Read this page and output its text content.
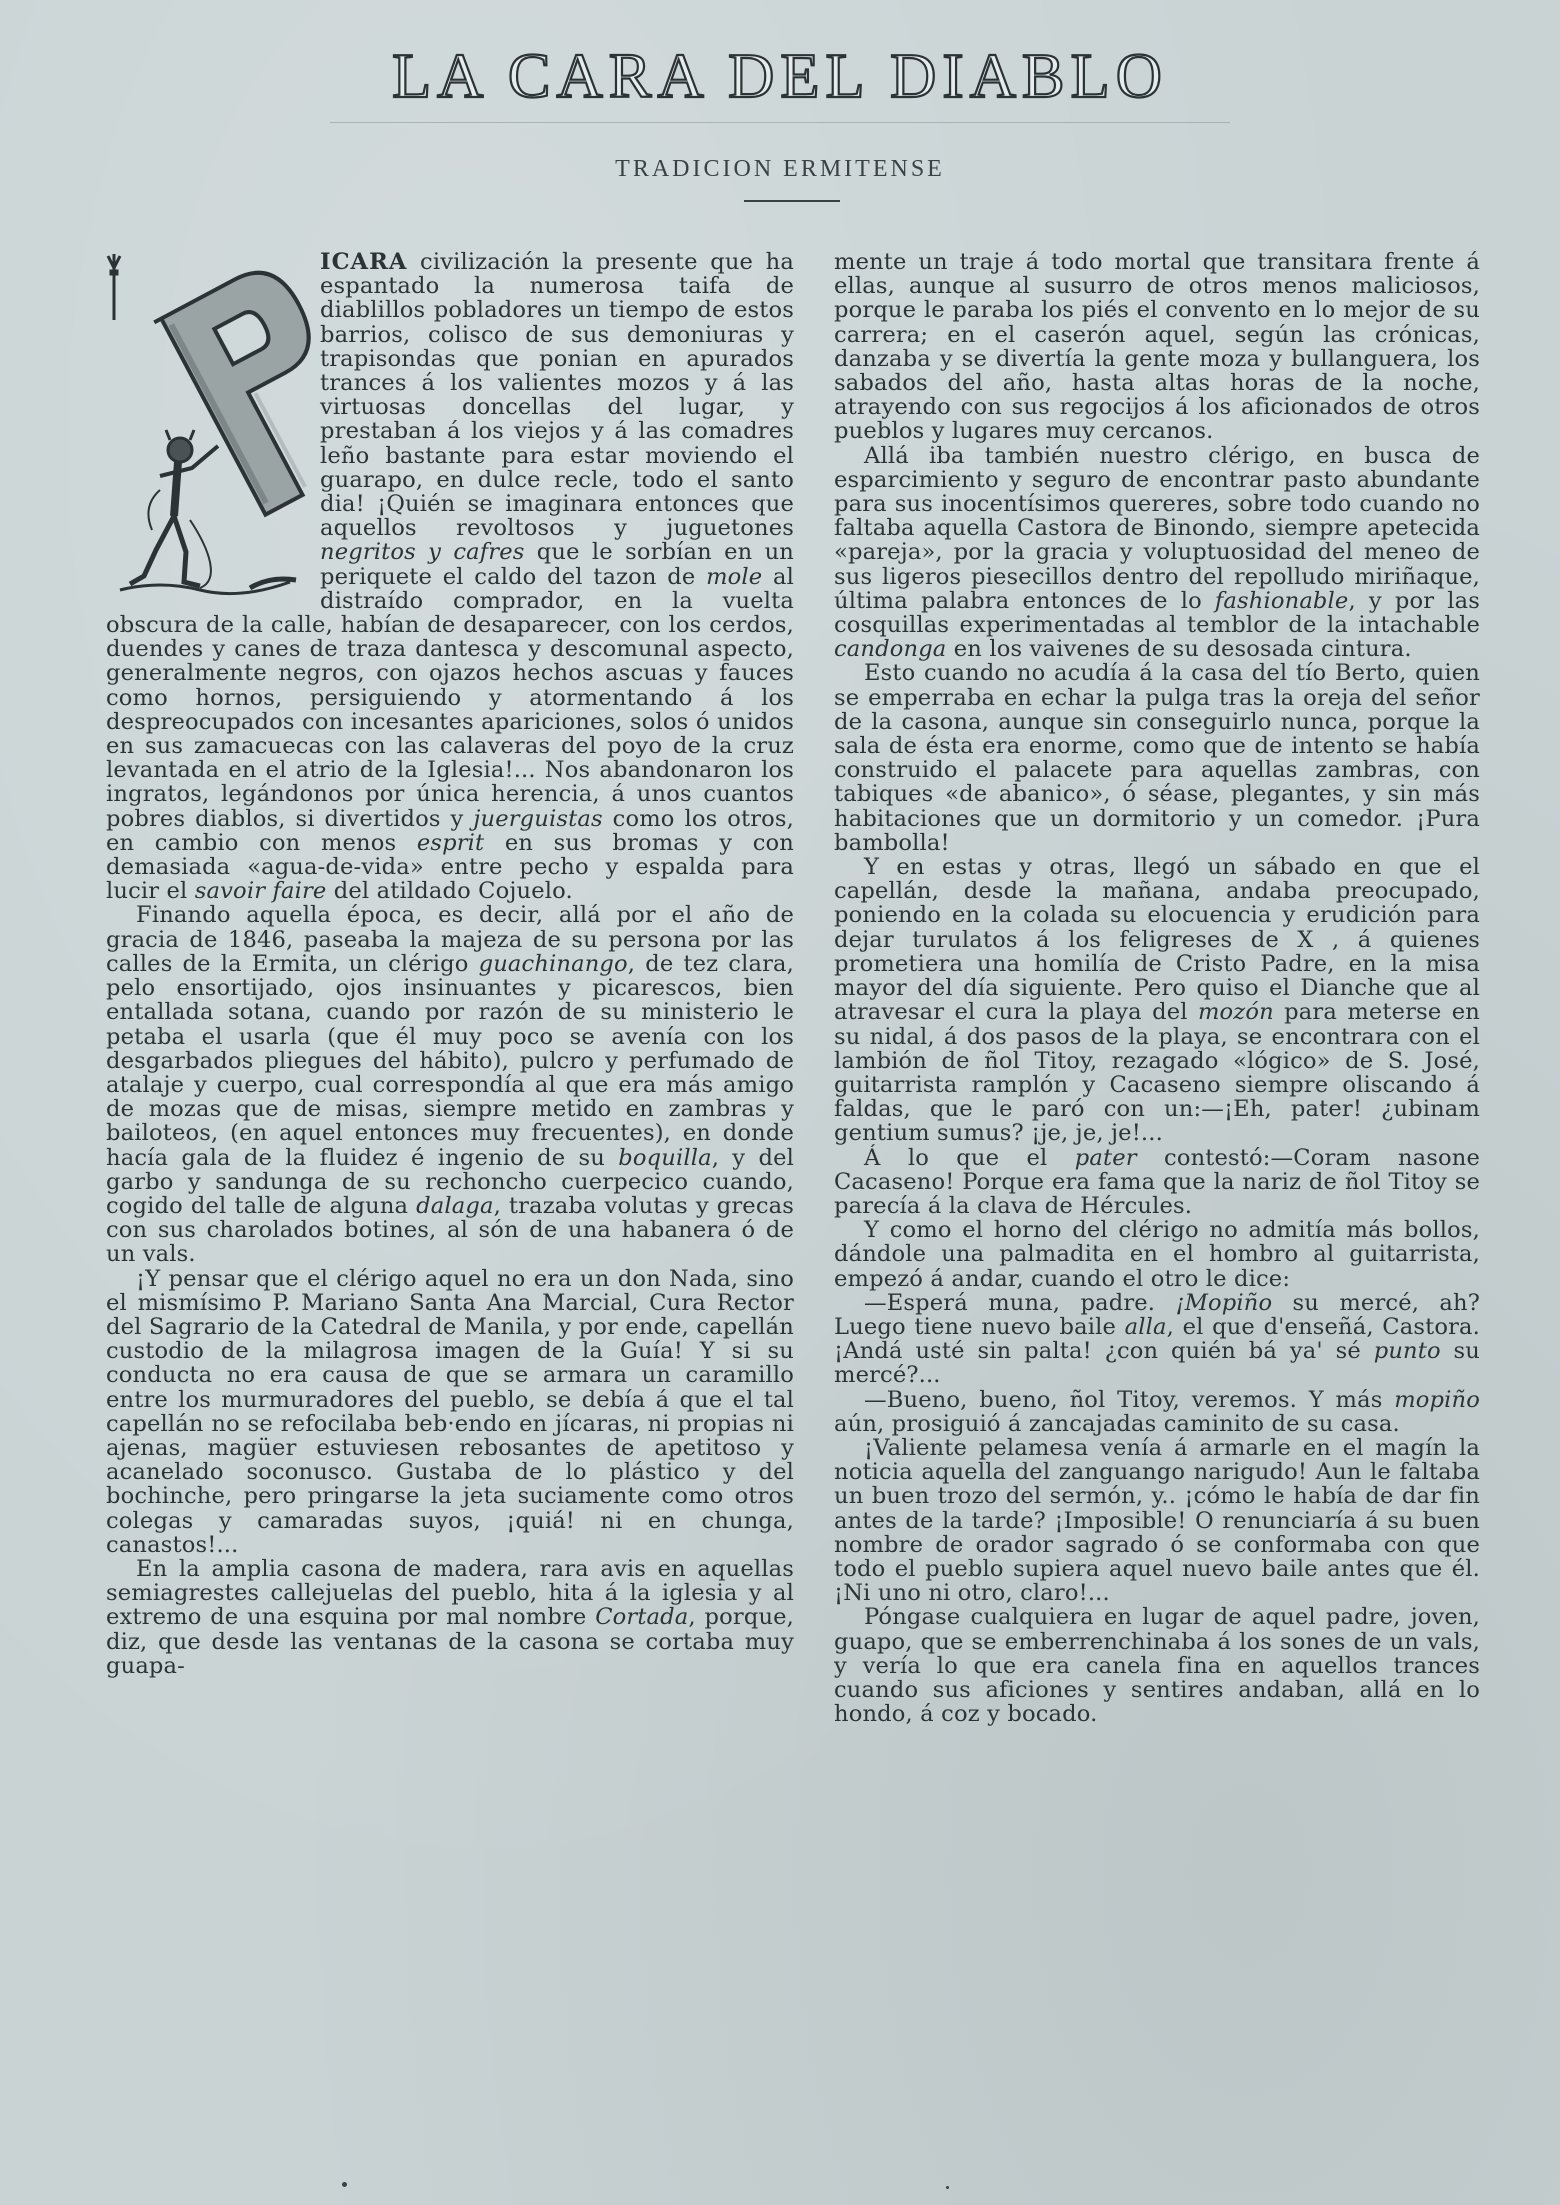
LA CARA DEL DIABLO
TRADICION ERMITENSE

ICARA civilización la presente que ha espantado la numerosa taifa de diablillos pobladores un tiempo de estos barrios, colisco de sus demoniuras y trapisondas que ponian en apurados trances á los valientes mozos y á las virtuosas doncellas del lugar, y prestaban á los viejos y á las comadres leño bastante para estar moviendo el guarapo, en dulce recle, todo el santo dia! ¡Quién se imaginara entonces que aquellos revoltosos y juguetones negritos y cafres que le sorbían en un periquete el caldo del tazon de mole al distraído comprador, en la vuelta obscura de la calle, habían de desaparecer, con los cerdos, duendes y canes de traza dantesca y descomunal aspecto, generalmente negros, con ojazos hechos ascuas y fauces como hornos, persiguiendo y atormentando á los despreocupados con incesantes apariciones, solos ó unidos en sus zamacuecas con las calaveras del poyo de la cruz levantada en el atrio de la Iglesia!... Nos abandonaron los ingratos, legándonos por única herencia, á unos cuantos pobres diablos, si divertidos y juerguistas como los otros, en cambio con menos esprit en sus bromas y con demasiada «agua-de-vida» entre pecho y espalda para lucir el savoir faire del atildado Cojuelo.

Finando aquella época, es decir, allá por el año de gracia de 1846, paseaba la majeza de su persona por las calles de la Ermita, un clérigo guachinango, de tez clara, pelo ensortijado, ojos insinuantes y picarescos, bien entallada sotana, cuando por razón de su ministerio le petaba el usarla (que él muy poco se avenía con los desgarbados pliegues del hábito), pulcro y perfumado de atalaje y cuerpo, cual correspondía al que era más amigo de mozas que de misas, siempre metido en zambras y bailoteos, (en aquel entonces muy frecuentes), en donde hacía gala de la fluidez é ingenio de su boquilla, y del garbo y sandunga de su rechoncho cuerpecico cuando, cogido del talle de alguna dalaga, trazaba volutas y grecas con sus charolados botines, al són de una habanera ó de un vals.

¡Y pensar que el clérigo aquel no era un don Nada, sino el mismísimo P. Mariano Santa Ana Marcial, Cura Rector del Sagrario de la Catedral de Manila, y por ende, capellán custodio de la milagrosa imagen de la Guía! Y si su conducta no era causa de que se armara un caramillo entre los murmuradores del pueblo, se debía á que el tal capellán no se refocilaba beb·endo en jícaras, ni propias ni ajenas, magüer estuviesen rebosantes de apetitoso y acanelado soconusco. Gustaba de lo plástico y del bochinche, pero pringarse la jeta suciamente como otros colegas y camaradas suyos, ¡quiá! ni en chunga, canastos!...

En la amplia casona de madera, rara avis en aquellas semiagrestes callejuelas del pueblo, hita á la iglesia y al extremo de una esquina por mal nombre Cortada, porque, diz, que desde las ventanas de la casona se cortaba muy guapa-

mente un traje á todo mortal que transitara frente á ellas, aunque al susurro de otros menos maliciosos, porque le paraba los piés el convento en lo mejor de su carrera; en el caserón aquel, según las crónicas, danzaba y se divertía la gente moza y bullanguera, los sabados del año, hasta altas horas de la noche, atrayendo con sus regocijos á los aficionados de otros pueblos y lugares muy cercanos.

Allá iba también nuestro clérigo, en busca de esparcimiento y seguro de encontrar pasto abundante para sus inocentísimos quereres, sobre todo cuando no faltaba aquella Castora de Binondo, siempre apetecida «pareja», por la gracia y voluptuosidad del meneo de sus ligeros piesecillos dentro del repolludo miriñaque, última palabra entonces de lo fashionable, y por las cosquillas experimentadas al temblor de la intachable candonga en los vaivenes de su desosada cintura.

Esto cuando no acudía á la casa del tío Berto, quien se emperraba en echar la pulga tras la oreja del señor de la casona, aunque sin conseguirlo nunca, porque la sala de ésta era enorme, como que de intento se había construido el palacete para aquellas zambras, con tabiques «de abanico», ó séase, plegantes, y sin más habitaciones que un dormitorio y un comedor. ¡Pura bambolla!

Y en estas y otras, llegó un sábado en que el capellán, desde la mañana, andaba preocupado, poniendo en la colada su elocuencia y erudición para dejar turulatos á los feligreses de X , á quienes prometiera una homilía de Cristo Padre, en la misa mayor del día siguiente. Pero quiso el Dianche que al atravesar el cura la playa del mozón para meterse en su nidal, á dos pasos de la playa, se encontrara con el lambión de ñol Titoy, rezagado «lógico» de S. José, guitarrista ramplón y Cacaseno siempre oliscando á faldas, que le paró con un:—¡Eh, pater! ¿ubinam gentium sumus? ¡je, je, je!...

Á lo que el pater contestó:—Coram nasone Cacaseno! Porque era fama que la nariz de ñol Titoy se parecía á la clava de Hércules.

Y como el horno del clérigo no admitía más bollos, dándole una palmadita en el hombro al guitarrista, empezó á andar, cuando el otro le dice:

—Esperá muna, padre. ¡Mopiño su mercé, ah? Luego tiene nuevo baile alla, el que d'enseñá, Castora. ¡Andá usté sin palta! ¿con quién bá ya' sé punto su mercé?...

—Bueno, bueno, ñol Titoy, veremos. Y más mopiño aún, prosiguió á zancajadas caminito de su casa.

¡Valiente pelamesa venía á armarle en el magín la noticia aquella del zanguango narigudo! Aun le faltaba un buen trozo del sermón, y.. ¡cómo le había de dar fin antes de la tarde? ¡Imposible! O renunciaría á su buen nombre de orador sagrado ó se conformaba con que todo el pueblo supiera aquel nuevo baile antes que él. ¡Ni uno ni otro, claro!...

Póngase cualquiera en lugar de aquel padre, joven, guapo, que se emberrenchinaba á los sones de un vals, y vería lo que era canela fina en aquellos trances cuando sus aficiones y sentires andaban, allá en lo hondo, á coz y bocado.
